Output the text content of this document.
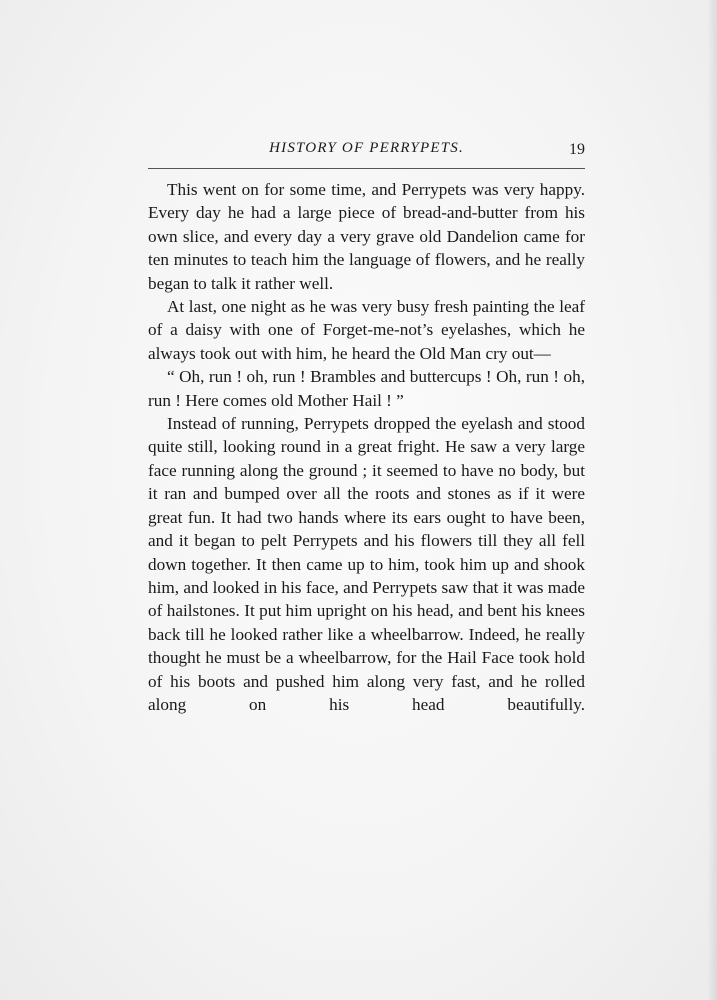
HISTORY OF PERRYPETS.	19

This went on for some time, and Perrypets was very happy. Every day he had a large piece of bread-and-butter from his own slice, and every day a very grave old Dandelion came for ten minutes to teach him the language of flowers, and he really began to talk it rather well.

At last, one night as he was very busy fresh painting the leaf of a daisy with one of Forget-me-not’s eyelashes, which he always took out with him, he heard the Old Man cry out—

“ Oh, run ! oh, run ! Brambles and buttercups ! Oh, run ! oh, run ! Here comes old Mother Hail ! ”

Instead of running, Perrypets dropped the eyelash and stood quite still, looking round in a great fright. He saw a very large face running along the ground ; it seemed to have no body, but it ran and bumped over all the roots and stones as if it were great fun. It had two hands where its ears ought to have been, and it began to pelt Perrypets and his flowers till they all fell down together. It then came up to him, took him up and shook him, and looked in his face, and Perrypets saw that it was made of hailstones. It put him upright on his head, and bent his knees back till he looked rather like a wheelbarrow. Indeed, he really thought he must be a wheelbarrow, for the Hail Face took hold of his boots and pushed him along very fast, and he rolled along on his head beautifully.
